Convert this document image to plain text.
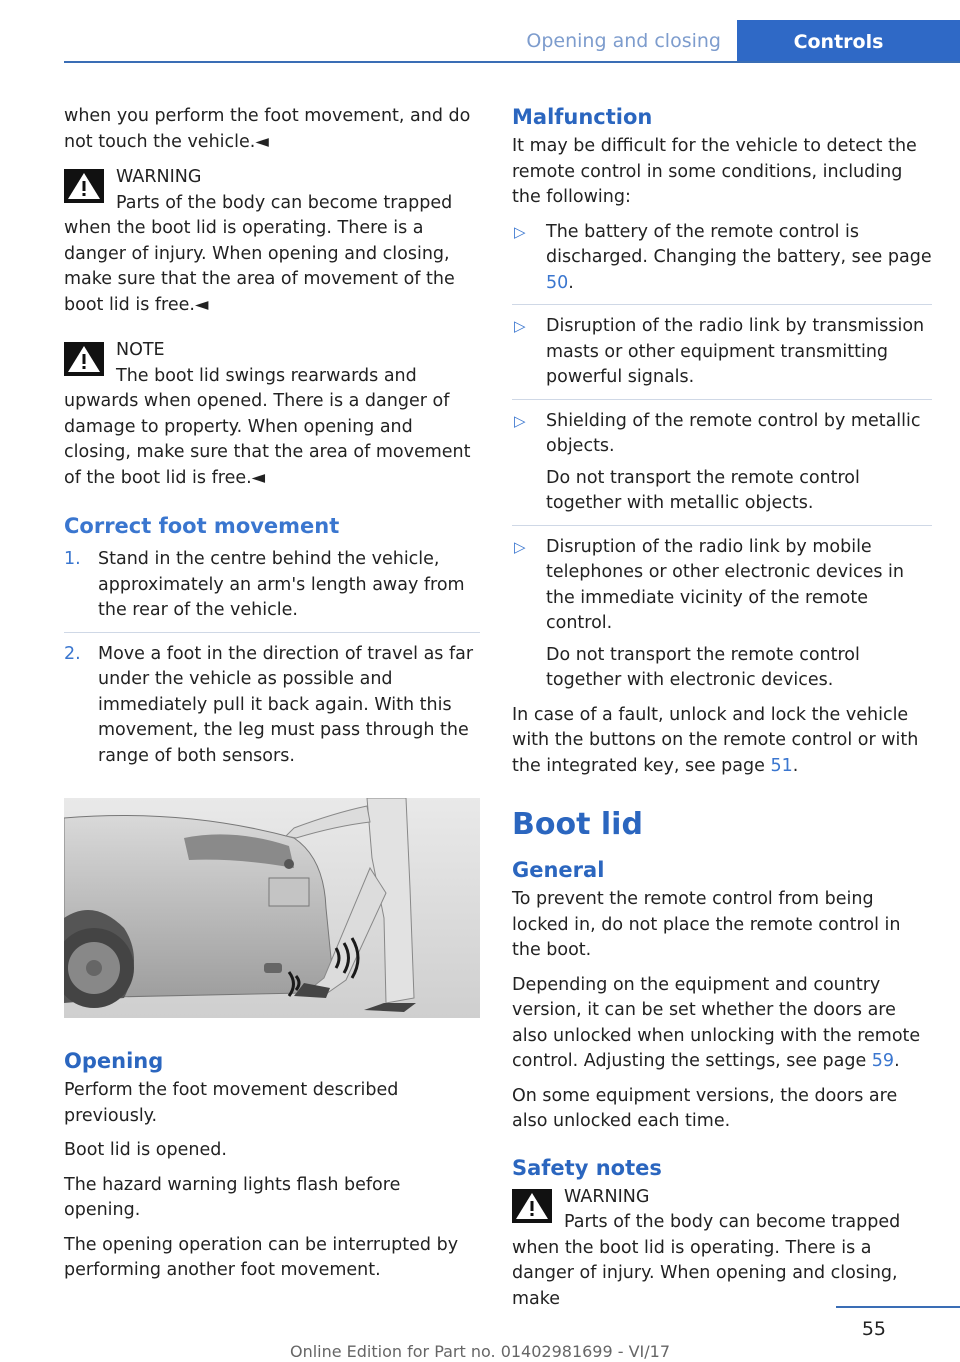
Opening and closing	Controls

when you perform the foot movement, and do not touch the vehicle.◄

WARNING
Parts of the body can become trapped when the boot lid is operating. There is a danger of injury. When opening and closing, make sure that the area of movement of the boot lid is free.◄
NOTE
The boot lid swings rearwards and upwards when opened. There is a danger of damage to property. When opening and closing, make sure that the area of movement of the boot lid is free.◄
Correct foot movement
1. Stand in the centre behind the vehicle, approximately an arm's length away from the rear of the vehicle.
2. Move a foot in the direction of travel as far under the vehicle as possible and immediately pull it back again. With this movement, the leg must pass through the range of both sensors.
Opening

Perform the foot movement described previously.

Boot lid is opened.

The hazard warning lights flash before opening.

The opening operation can be interrupted by performing another foot movement.

Malfunction

It may be difficult for the vehicle to detect the remote control in some conditions, including the following:

▷ The battery of the remote control is discharged. Changing the battery, see page 50.
▷ Disruption of the radio link by transmission masts or other equipment transmitting powerful signals.
▷ Shielding of the remote control by metallic objects.

Do not transport the remote control together with metallic objects.

▷ Disruption of the radio link by mobile telephones or other electronic devices in the immediate vicinity of the remote control.

Do not transport the remote control together with electronic devices.

In case of a fault, unlock and lock the vehicle with the buttons on the remote control or with the integrated key, see page 51.

Boot lid
General

To prevent the remote control from being locked in, do not place the remote control in the boot.

Depending on the equipment and country version, it can be set whether the doors are also unlocked when unlocking with the remote control. Adjusting the settings, see page 59.

On some equipment versions, the doors are also unlocked each time.

Safety notes
WARNING
Parts of the body can become trapped when the boot lid is operating. There is a danger of injury. When opening and closing, make
55
Online Edition for Part no. 01402981699 - VI/17
